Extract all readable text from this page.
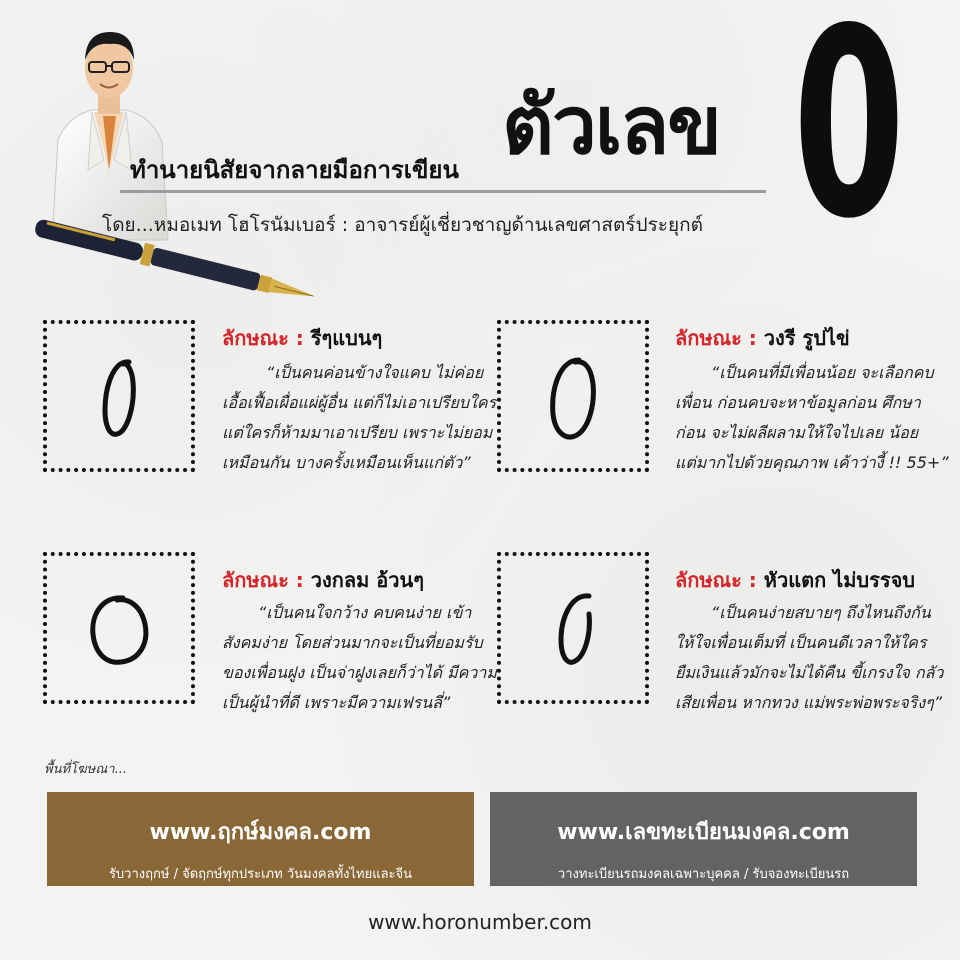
ทำนายนิสัยจากลายมือการเขียน ตัวเลข
โดย...หมอเมท โฮโรนัมเบอร์ : อาจารย์ผู้เชี่ยวชาญด้านเลขศาสตร์ประยุกต์ 0
ลักษณะ : รีๆแบนๆ
“เป็นคนค่อนข้างใจแคบ ไม่ค่อย
เอื้อเฟื้อเผื่อแผ่ผู้อื่น แต่ก็ไม่เอาเปรียบใคร
แต่ใครก็ห้ามมาเอาเปรียบ เพราะไม่ยอม
เหมือนกัน บางครั้งเหมือนเห็นแก่ตัว”
ลักษณะ : วงรี รูปไข่
“เป็นคนที่มีเพื่อนน้อย จะเลือกคบ
เพื่อน ก่อนคบจะหาข้อมูลก่อน ศึกษา
ก่อน จะไม่ผลีผลามให้ใจไปเลย น้อย
แต่มากไปด้วยคุณภาพ เค้าว่างี้ !! 55+”
ลักษณะ : วงกลม อ้วนๆ
“เป็นคนใจกว้าง คบคนง่าย เข้า
สังคมง่าย โดยส่วนมากจะเป็นที่ยอมรับ
ของเพื่อนฝูง เป็นจ่าฝูงเลยก็ว่าได้ มีความ
เป็นผู้นำที่ดี เพราะมีความเฟรนลี่”
ลักษณะ : หัวแตก ไม่บรรจบ
“เป็นคนง่ายสบายๆ ถึงไหนถึงกัน
ให้ใจเพื่อนเต็มที่ เป็นคนดีเวลาให้ใคร
ยืมเงินแล้วมักจะไม่ได้คืน ขี้เกรงใจ กลัว
เสียเพื่อน หากทวง แม่พระพ่อพระจริงๆ”
พื้นที่โฆษณา...
www.ฤกษ์มงคล.com
รับวางฤกษ์ / จัดฤกษ์ทุกประเภท วันมงคลทั้งไทยและจีน
www.เลขทะเบียนมงคล.com
วางทะเบียนรถมงคลเฉพาะบุคคล / รับจองทะเบียนรถ
www.horonumber.com
